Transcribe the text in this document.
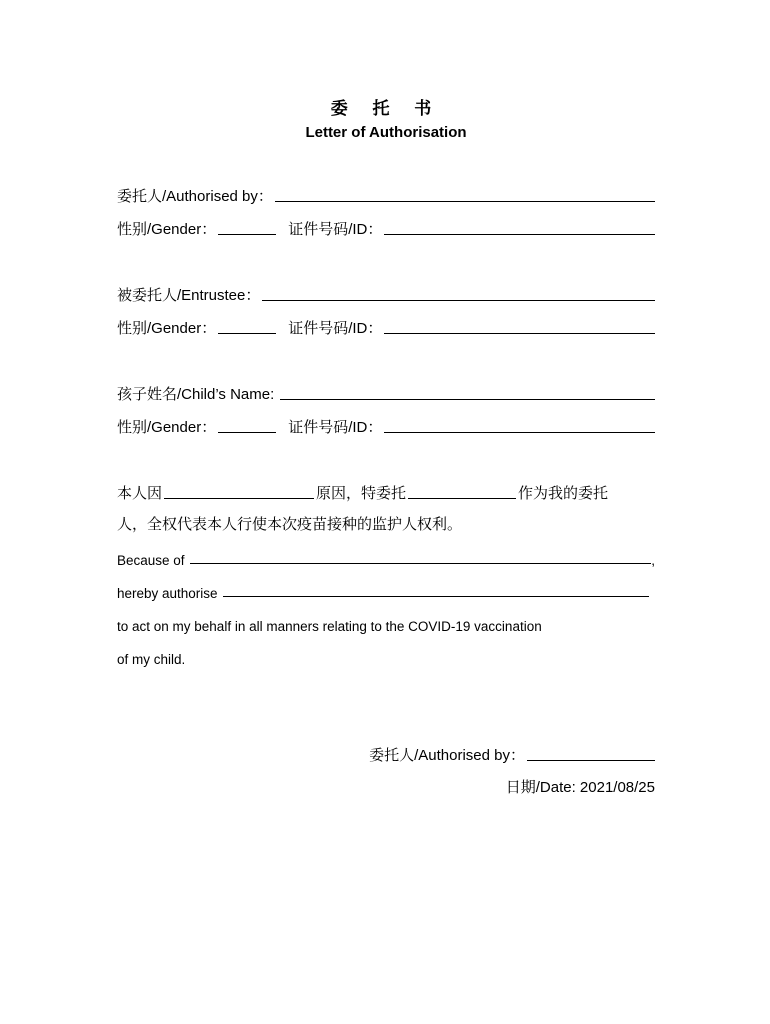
委 托 书
Letter of Authorisation
委托人/Authorised by：
性别/Gender：	证件号码/ID：
被委托人/Entrustee：
性别/Gender：	证件号码/ID：
孩子姓名/Child’s Name:
性别/Gender：	证件号码/ID：
本人因	原因，特委托	作为我的委托
人，全权代表本人行使本次疫苗接种的监护人权利。
Because of	,
hereby authorise
to act on my behalf in all manners relating to the COVID-19 vaccination
of my child.
委托人/Authorised by：
日期/Date: 2021/08/25
